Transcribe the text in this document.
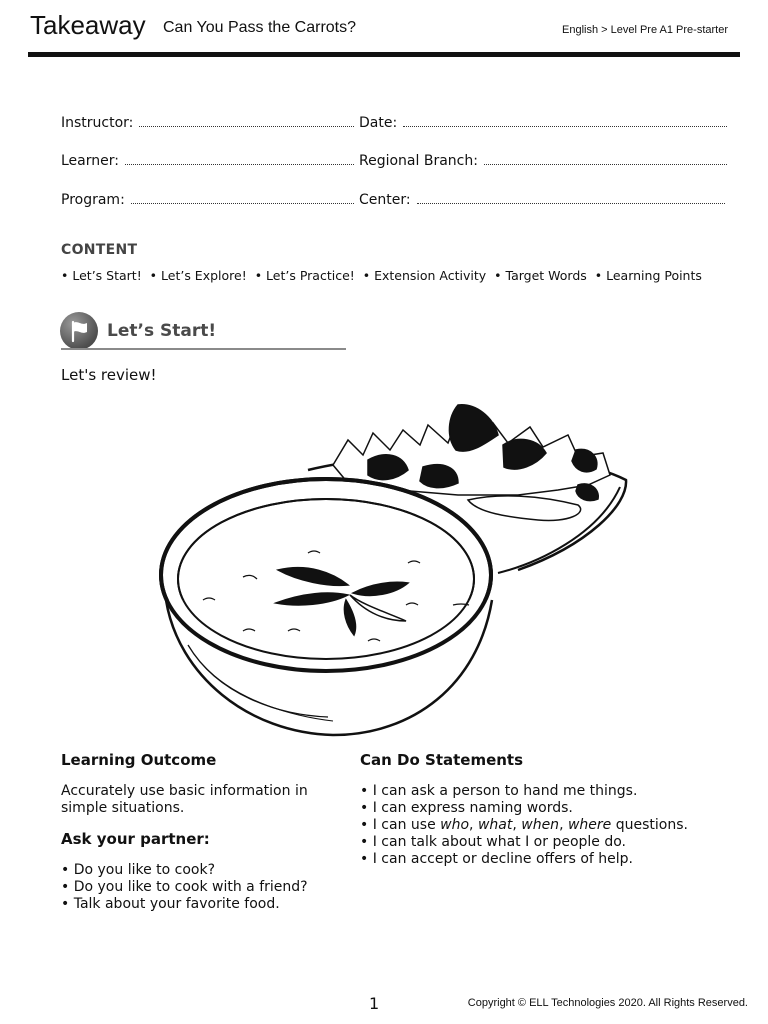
Takeaway Can You Pass the Carrots?	English > Level Pre A1 Pre-starter
Instructor:	Date:
Learner:	Regional Branch:
Program:	Center:
CONTENT
• Let’s Start!  • Let’s Explore!  • Let’s Practice!  • Extension Activity  • Target Words  • Learning Points
Let’s Start!
Let's review!
Learning Outcome
Accurately use basic information in simple situations.
Ask your partner:
• Do you like to cook?
• Do you like to cook with a friend?
• Talk about your favorite food.
Can Do Statements
• I can ask a person to hand me things.
• I can express naming words.
• I can use who, what, when, where questions.
• I can talk about what I or people do.
• I can accept or decline offers of help.
1	Copyright © ELL Technologies 2020. All Rights Reserved.
